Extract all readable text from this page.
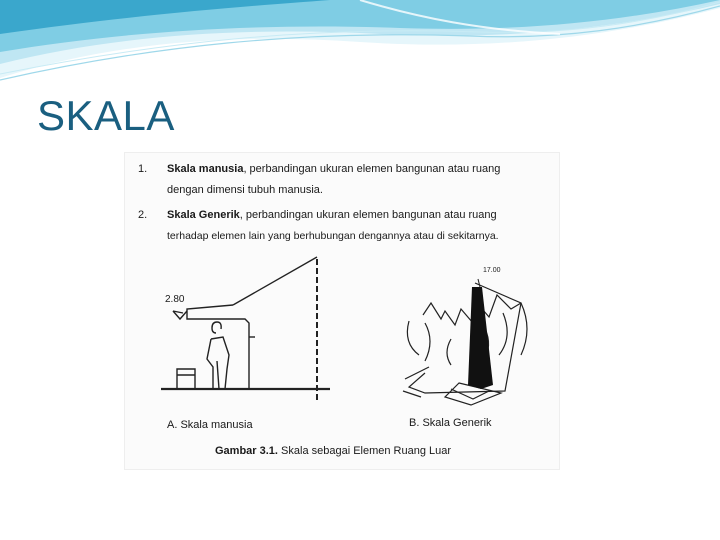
SKALA
1. Skala manusia, perbandingan ukuran elemen bangunan atau ruang
dengan dimensi tubuh manusia.
2. Skala Generik, perbandingan ukuran elemen bangunan atau ruang
terhadap elemen lain yang berhubungan dengannya atau di sekitarnya.
2.80
17.00
A. Skala manusia	B. Skala Generik
Gambar 3.1. Skala sebagai Elemen Ruang Luar
